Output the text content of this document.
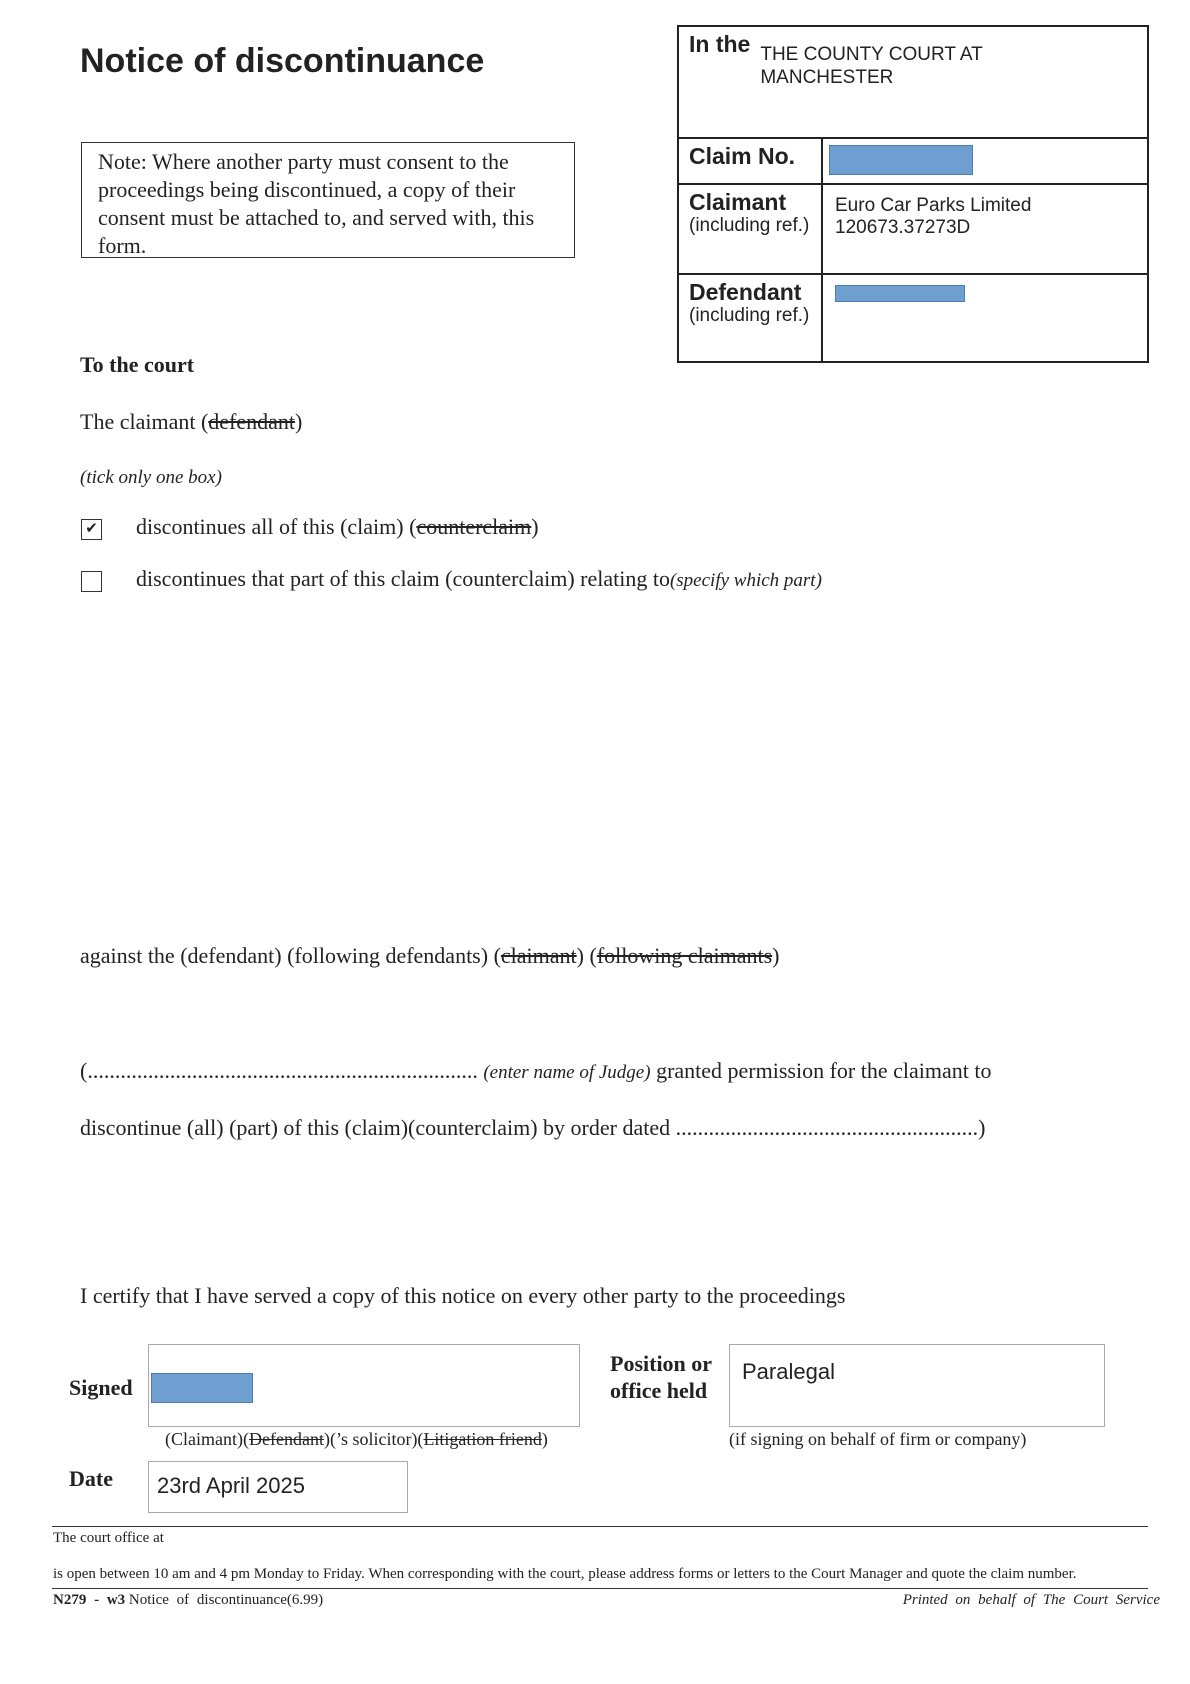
Notice of discontinuance
Note: Where another party must consent to the proceedings being discontinued, a copy of their consent must be attached to, and served with, this form.
In the THE COUNTY COURT AT
MANCHESTER
Claim No.
Claimant
(including ref.)
Euro Car Parks Limited
120673.37273D
Defendant
(including ref.)
To the court
The claimant (defendant)
(tick only one box)
✔ discontinues all of this (claim) (counterclaim)
discontinues that part of this claim (counterclaim) relating to(specify which part)
against the (defendant) (following defendants) (claimant) (following claimants)
(....................................................................... (enter name of Judge) granted permission for the claimant to
discontinue (all) (part) of this (claim)(counterclaim) by order dated .......................................................)
I certify that I have served a copy of this notice on every other party to the proceedings
Signed
(Claimant)(Defendant)(’s solicitor)(Litigation friend)
Position or
office held
Paralegal
(if signing on behalf of firm or company)
Date	23rd April 2025
The court office at
is open between 10 am and 4 pm Monday to Friday. When corresponding with the court, please address forms or letters to the Court Manager and quote the claim number.
N279 - w3 Notice of discontinuance(6.99)	Printed on behalf of The Court Service
